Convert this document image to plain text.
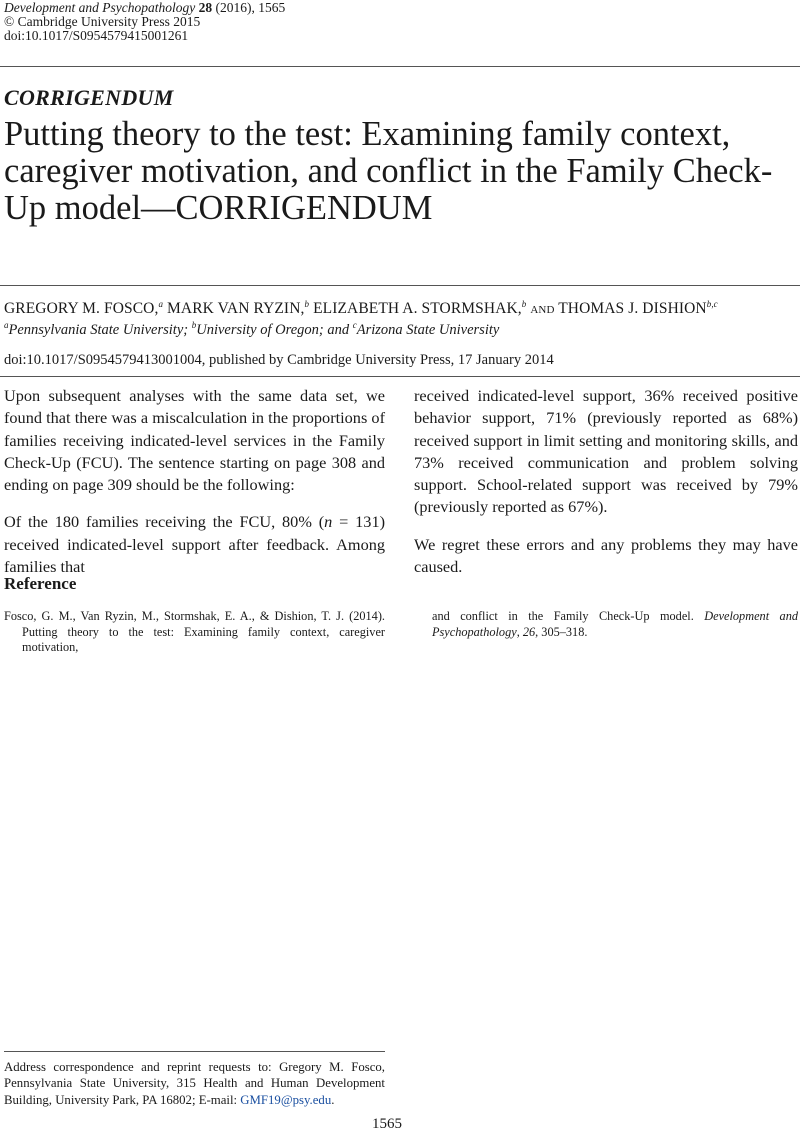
Development and Psychopathology 28 (2016), 1565
© Cambridge University Press 2015
doi:10.1017/S0954579415001261
CORRIGENDUM
Putting theory to the test: Examining family context, caregiver motivation, and conflict in the Family Check-Up model—CORRIGENDUM
GREGORY M. FOSCO,$^a$ MARK VAN RYZIN,$^b$ ELIZABETH A. STORMSHAK,$^b$ AND THOMAS J. DISHION$^{b,c}$
$^a$Pennsylvania State University; $^b$University of Oregon; and $^c$Arizona State University
doi:10.1017/S0954579413001004, published by Cambridge University Press, 17 January 2014

Upon subsequent analyses with the same data set, we found that there was a miscalculation in the proportions of families receiving indicated-level services in the Family Check-Up (FCU). The sentence starting on page 308 and ending on page 309 should be the following:

Of the 180 families receiving the FCU, 80% (n = 131) received indicated-level support after feedback. Among families that

received indicated-level support, 36% received positive behavior support, 71% (previously reported as 68%) received support in limit setting and monitoring skills, and 73% received communication and problem solving support. School-related support was received by 79% (previously reported as 67%).

We regret these errors and any problems they may have caused.

Reference
Fosco, G. M., Van Ryzin, M., Stormshak, E. A., & Dishion, T. J. (2014). Putting theory to the test: Examining family context, caregiver motivation,
and conflict in the Family Check-Up model. Development and Psychopathology, 26, 305–318.
Address correspondence and reprint requests to: Gregory M. Fosco, Pennsylvania State University, 315 Health and Human Development Building, University Park, PA 16802; E-mail: GMF19@psy.edu.
1565
